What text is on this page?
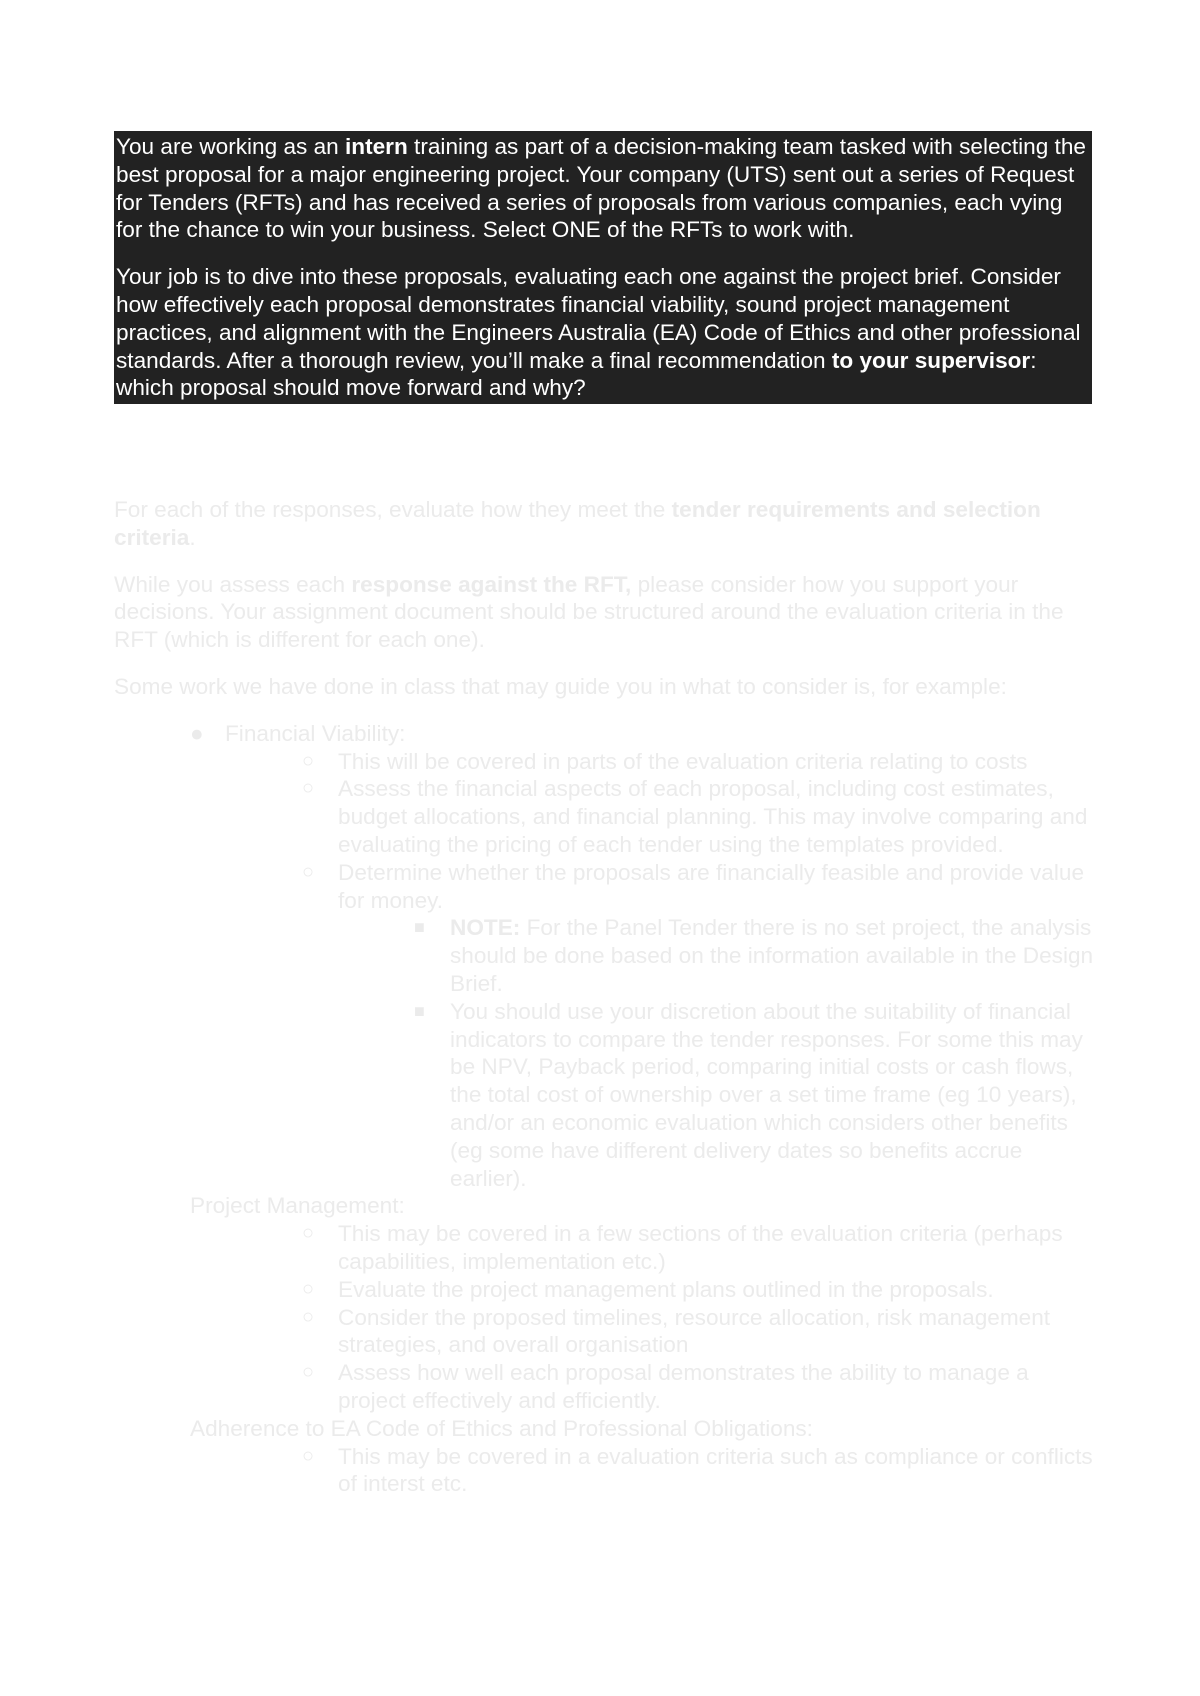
You are working as an intern training as part of a decision-making team tasked with selecting the best proposal for a major engineering project. Your company (UTS) sent out a series of Request for Tenders (RFTs) and has received a series of proposals from various companies, each vying for the chance to win your business. Select ONE of the RFTs to work with.

Your job is to dive into these proposals, evaluating each one against the project brief. Consider how effectively each proposal demonstrates financial viability, sound project management practices, and alignment with the Engineers Australia (EA) Code of Ethics and other professional standards. After a thorough review, you’ll make a final recommendation to your supervisor: which proposal should move forward and why?

For each of the responses, evaluate how they meet the tender requirements and selection criteria.

While you assess each response against the RFT, please consider how you support your decisions. Your assignment document should be structured around the evaluation criteria in the RFT (which is different for each one).

Some work we have done in class that may guide you in what to consider is, for example:

● Financial Viability:
○ This will be covered in parts of the evaluation criteria relating to costs
○ Assess the financial aspects of each proposal, including cost estimates, budget allocations, and financial planning. This may involve comparing and evaluating the pricing of each tender using the templates provided.
○ Determine whether the proposals are financially feasible and provide value for money.
■ NOTE: For the Panel Tender there is no set project, the analysis should be done based on the information available in the Design Brief.
■ You should use your discretion about the suitability of financial indicators to compare the tender responses. For some this may be NPV, Payback period, comparing initial costs or cash flows, the total cost of ownership over a set time frame (eg 10 years), and/or an economic evaluation which considers other benefits (eg some have different delivery dates so benefits accrue earlier).
Project Management:
○ This may be covered in a few sections of the evaluation criteria (perhaps capabilities, implementation etc.)
○ Evaluate the project management plans outlined in the proposals.
○ Consider the proposed timelines, resource allocation, risk management strategies, and overall organisation
○ Assess how well each proposal demonstrates the ability to manage a project effectively and efficiently.
Adherence to EA Code of Ethics and Professional Obligations:
○ This may be covered in a evaluation criteria such as compliance or conflicts of interst etc.
